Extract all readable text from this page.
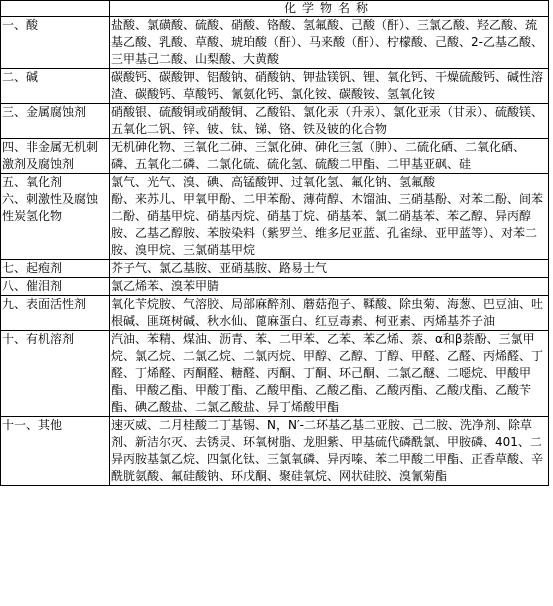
	化学物名称
一、酸	盐酸、氯磺酸、硫酸、硝酸、铬酸、氢氟酸、己酸（酐）、三氯乙酸、羟乙酸、巯基乙酸、乳酸、草酸、琥珀酸（酐）、马来酸（酐）、柠檬酸、己酸、2-乙基乙酸、三甲基己二酸、山梨酸、大黄酸
二、碱	碳酸钙、碳酸钾、铝酸钠、硝酸钠、钾盐镁钒、锂、氧化钙、干燥硫酸钙、碱性溶渣、碳酸钙、草酸钙、氰氨化钙、氯化铵、碳酸铵、氢氧化铵
三、金属腐蚀剂	硝酸银、硫酸铜或硝酸铜、乙酸铅、氯化汞（升汞）、氯化亚汞（甘汞）、硫酸镁、五氧化二钒、锌、铍、钛、锑、铬、铁及铍的化合物
四、非金属无机刺激剂及腐蚀剂	无机砷化物、三氧化二砷、三氯化砷、砷化三氢（胂）、二硫化硒、二氧化硒、磷、五氧化二磷、二氯化硫、硫化氢、硫酸二甲酯、二甲基亚砜、硅
五、氧化剂	氯气、光气、溴、碘、高锰酸钾、过氧化氢、氟化钠、氢氟酸
六、刺激性及腐蚀性炭氢化物	酚、来苏儿、甲氧甲酚、二甲苯酚、薄荷醇、木馏油、三硝基酚、对苯二酚、间苯二酚、硝基甲烷、硝基丙烷、硝基丁烷、硝基苯、氯二硝基苯、苯乙醇、异丙醇胺、乙基乙醇胺、苯胺染料（紫罗兰、维多尼亚蓝、孔雀绿、亚甲蓝等）、对苯二胺、溴甲烷、三氯硝基甲烷
七、起疱剂	芥子气、氯乙基胺、亚硝基胺、路易士气
八、催泪剂	氯乙烯苯、溴苯甲腈
九、表面活性剂	氧化苄烷胺、气溶胶、局部麻醉剂、蘑菇孢子、鞣酸、除虫菊、海葱、巴豆油、吐根碱、匪斑树碱、秋水仙、蓖麻蛋白、红豆毒素、柯亚素、丙烯基芥子油
十、有机溶剂	汽油、苯精、煤油、沥青、苯、二甲苯、乙苯、苯乙烯、萘、α和β萘酚、三氯甲烷、氯乙烷、二氯乙烷、二氯丙烷、甲醇、乙醇、丁醇、甲醛、乙醛、丙烯醛、丁醛、丁烯醛、丙酮醛、糖醛、丙酮、丁酮、环己酮、二氯乙醚、二噁烷、甲酸甲酯、甲酸乙酯、甲酸丁酯、乙酸甲酯、乙酸乙酯、乙酸丙酯、乙酸戊酯、乙酸苄酯、碘乙酸盐、二氯乙酸盐、异丁烯酸甲酯
十一、其他	速灭威、二月桂酸二丁基锡、N，N′-二环基乙基二亚胺、己二胺、洗净剂、除草剂、新洁尔灭、去锈灵、环氧树脂、龙胆紫、甲基硫代磷酰氯、甲胺磷、401、二异丙胺基氯乙烷、四氯化钛、三氯氧磷、异丙嗪、苯二甲酸二甲酯、正香草酸、辛酰胱氨酸、氟硅酸钠、环戊酮、聚硅氧烷、网状硅胶、溴氰菊酯
